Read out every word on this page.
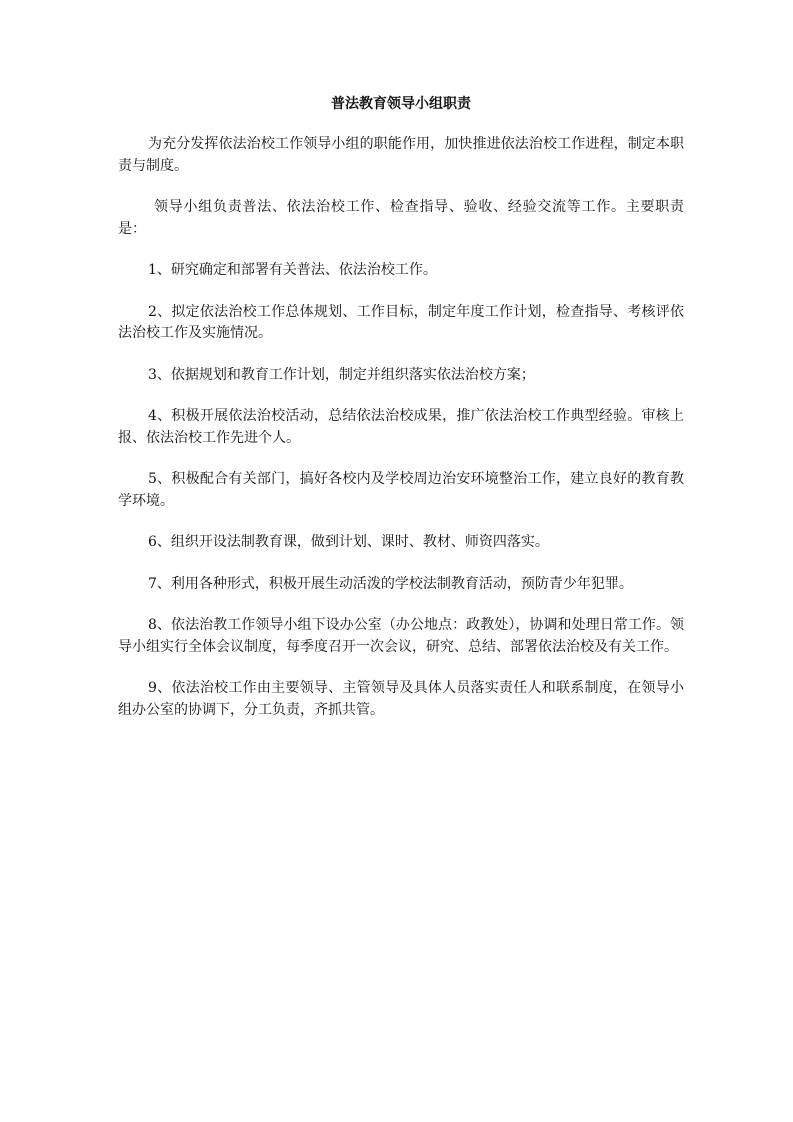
普法教育领导小组职责

为充分发挥依法治校工作领导小组的职能作用，加快推进依法治校工作进程，制定本职责与制度。

领导小组负责普法、依法治校工作、检查指导、验收、经验交流等工作。主要职责是：

1、研究确定和部署有关普法、依法治校工作。

2、拟定依法治校工作总体规划、工作目标，制定年度工作计划，检查指导、考核评依法治校工作及实施情况。

3、依据规划和教育工作计划，制定并组织落实依法治校方案；

4、积极开展依法治校活动，总结依法治校成果，推广依法治校工作典型经验。审核上报、依法治校工作先进个人。

5、积极配合有关部门，搞好各校内及学校周边治安环境整治工作，建立良好的教育教学环境。

6、组织开设法制教育课，做到计划、课时、教材、师资四落实。

7、利用各种形式，积极开展生动活泼的学校法制教育活动，预防青少年犯罪。

8、依法治教工作领导小组下设办公室（办公地点：政教处），协调和处理日常工作。领导小组实行全体会议制度，每季度召开一次会议，研究、总结、部署依法治校及有关工作。

9、依法治校工作由主要领导、主管领导及具体人员落实责任人和联系制度，在领导小组办公室的协调下，分工负责，齐抓共管。
